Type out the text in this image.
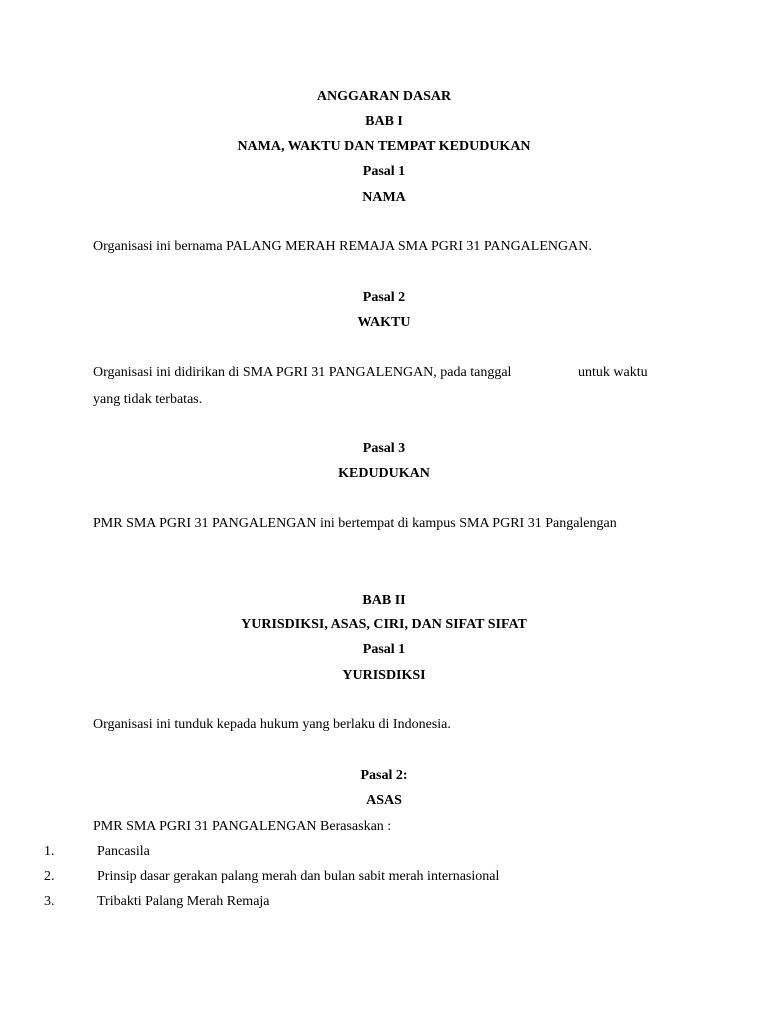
ANGGARAN DASAR
BAB I
NAMA, WAKTU DAN TEMPAT KEDUDUKAN
Pasal 1
NAMA
Organisasi ini bernama PALANG MERAH REMAJA SMA PGRI 31 PANGALENGAN.
Pasal 2
WAKTU
Organisasi ini didirikan di SMA PGRI 31 PANGALENGAN, pada tanggal	untuk waktu
yang tidak terbatas.
Pasal 3
KEDUDUKAN
PMR SMA PGRI 31 PANGALENGAN ini bertempat di kampus SMA PGRI 31 Pangalengan
BAB II
YURISDIKSI, ASAS, CIRI, DAN SIFAT SIFAT
Pasal 1
YURISDIKSI
Organisasi ini tunduk kepada hukum yang berlaku di Indonesia.
Pasal 2:
ASAS
PMR SMA PGRI 31 PANGALENGAN Berasaskan :
1.	Pancasila
2.	Prinsip dasar gerakan palang merah dan bulan sabit merah internasional
3.	Tribakti Palang Merah Remaja
